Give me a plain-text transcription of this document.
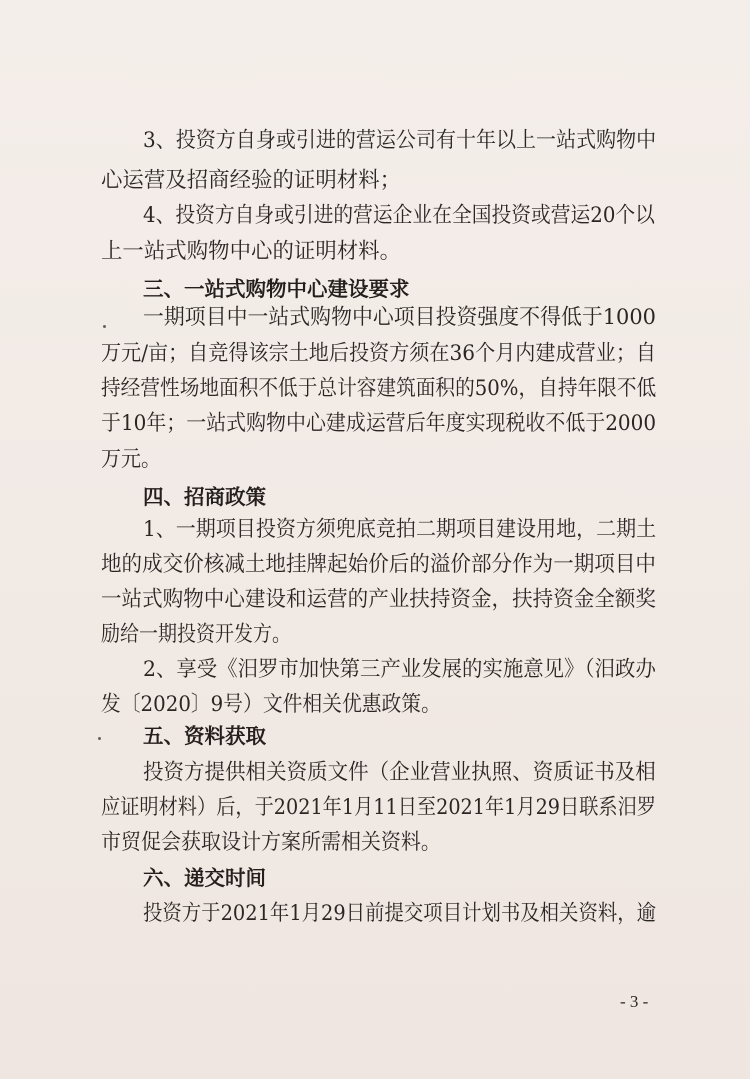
3、投资方自身或引进的营运公司有十年以上一站式购物中
心运营及招商经验的证明材料；
4、投资方自身或引进的营运企业在全国投资或营运20个以
上一站式购物中心的证明材料。
三、一站式购物中心建设要求
一期项目中一站式购物中心项目投资强度不得低于1000
万元/亩；自竞得该宗土地后投资方须在36个月内建成营业；自
持经营性场地面积不低于总计容建筑面积的50%，自持年限不低
于10年；一站式购物中心建成运营后年度实现税收不低于2000
万元。
四、招商政策
1、一期项目投资方须兜底竞拍二期项目建设用地，二期土
地的成交价核减土地挂牌起始价后的溢价部分作为一期项目中
一站式购物中心建设和运营的产业扶持资金，扶持资金全额奖
励给一期投资开发方。
2、享受《汨罗市加快第三产业发展的实施意见》（汨政办
发〔2020〕9号）文件相关优惠政策。
五、资料获取
投资方提供相关资质文件（企业营业执照、资质证书及相
应证明材料）后，于2021年1月11日至2021年1月29日联系汨罗
市贸促会获取设计方案所需相关资料。
六、递交时间
投资方于2021年1月29日前提交项目计划书及相关资料，逾
- 3 -
